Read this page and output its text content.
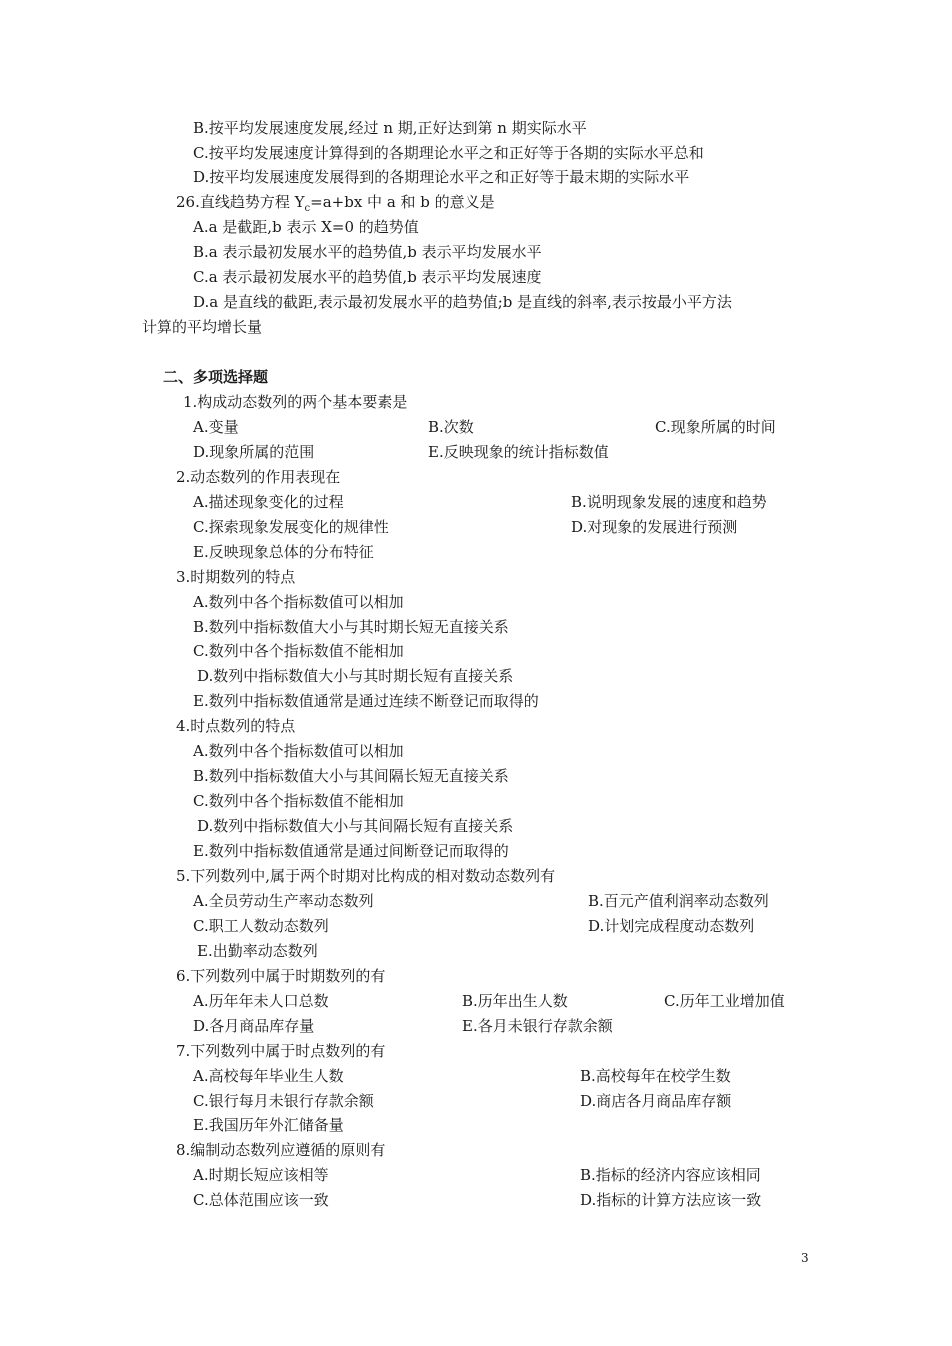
B.按平均发展速度发展,经过 n 期,正好达到第 n 期实际水平
C.按平均发展速度计算得到的各期理论水平之和正好等于各期的实际水平总和
D.按平均发展速度发展得到的各期理论水平之和正好等于最末期的实际水平
26.直线趋势方程 $Y_c=a+bx$ 中 a 和 b 的意义是
A.a 是截距,b 表示 X=0 的趋势值
B.a 表示最初发展水平的趋势值,b 表示平均发展水平
C.a 表示最初发展水平的趋势值,b 表示平均发展速度
D.a 是直线的截距,表示最初发展水平的趋势值;b 是直线的斜率,表示按最小平方法
计算的平均增长量
二、多项选择题
1.构成动态数列的两个基本要素是
A.变量	B.次数	C.现象所属的时间
D.现象所属的范围	E.反映现象的统计指标数值
2.动态数列的作用表现在
A.描述现象变化的过程	B.说明现象发展的速度和趋势
C.探索现象发展变化的规律性	D.对现象的发展进行预测
E.反映现象总体的分布特征
3.时期数列的特点
A.数列中各个指标数值可以相加
B.数列中指标数值大小与其时期长短无直接关系
C.数列中各个指标数值不能相加
D.数列中指标数值大小与其时期长短有直接关系
E.数列中指标数值通常是通过连续不断登记而取得的
4.时点数列的特点
A.数列中各个指标数值可以相加
B.数列中指标数值大小与其间隔长短无直接关系
C.数列中各个指标数值不能相加
D.数列中指标数值大小与其间隔长短有直接关系
E.数列中指标数值通常是通过间断登记而取得的
5.下列数列中,属于两个时期对比构成的相对数动态数列有
A.全员劳动生产率动态数列	B.百元产值利润率动态数列
C.职工人数动态数列	D.计划完成程度动态数列
E.出勤率动态数列
6.下列数列中属于时期数列的有
A.历年年未人口总数	B.历年出生人数	C.历年工业增加值
D.各月商品库存量	E.各月未银行存款余额
7.下列数列中属于时点数列的有
A.高校每年毕业生人数	B.高校每年在校学生数
C.银行每月未银行存款余额	D.商店各月商品库存额
E.我国历年外汇储备量
8.编制动态数列应遵循的原则有
A.时期长短应该相等	B.指标的经济内容应该相同
C.总体范围应该一致	D.指标的计算方法应该一致
3
